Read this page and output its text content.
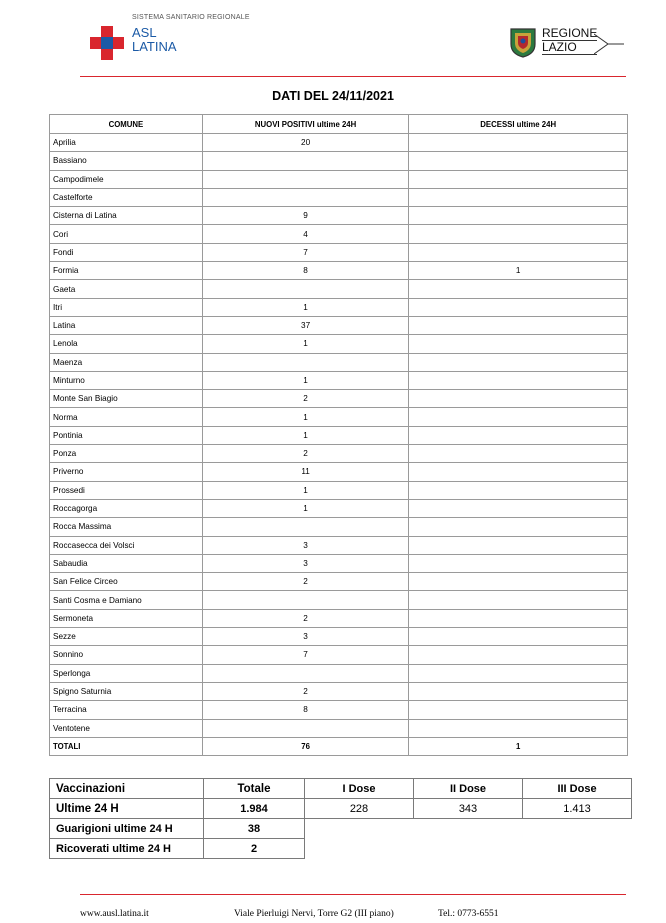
SISTEMA SANITARIO REGIONALE
ASL
LATINA
REGIONE
LAZIO
DATI DEL 24/11/2021
COMUNE	NUOVI POSITIVI ultime 24H	DECESSI ultime 24H
Aprilia	20	
Bassiano		
Campodimele		
Castelforte		
Cisterna di Latina	9	
Cori	4	
Fondi	7	
Formia	8	1
Gaeta		
Itri	1	
Latina	37	
Lenola	1	
Maenza		
Minturno	1	
Monte San Biagio	2	
Norma	1	
Pontinia	1	
Ponza	2	
Priverno	11	
Prossedi	1	
Roccagorga	1	
Rocca Massima		
Roccasecca dei Volsci	3	
Sabaudia	3	
San Felice Circeo	2	
Santi Cosma e Damiano		
Sermoneta	2	
Sezze	3	
Sonnino	7	
Sperlonga		
Spigno Saturnia	2	
Terracina	8	
Ventotene		
TOTALI	76	1
Vaccinazioni	Totale	I Dose	II Dose	III Dose
Ultime 24 H	1.984	228	343	1.413
Guarigioni ultime 24 H	38			
Ricoverati ultime 24 H	2			
www.ausl.latina.it	Viale Pierluigi Nervi, Torre G2 (III piano)	Tel.: 0773-6551
